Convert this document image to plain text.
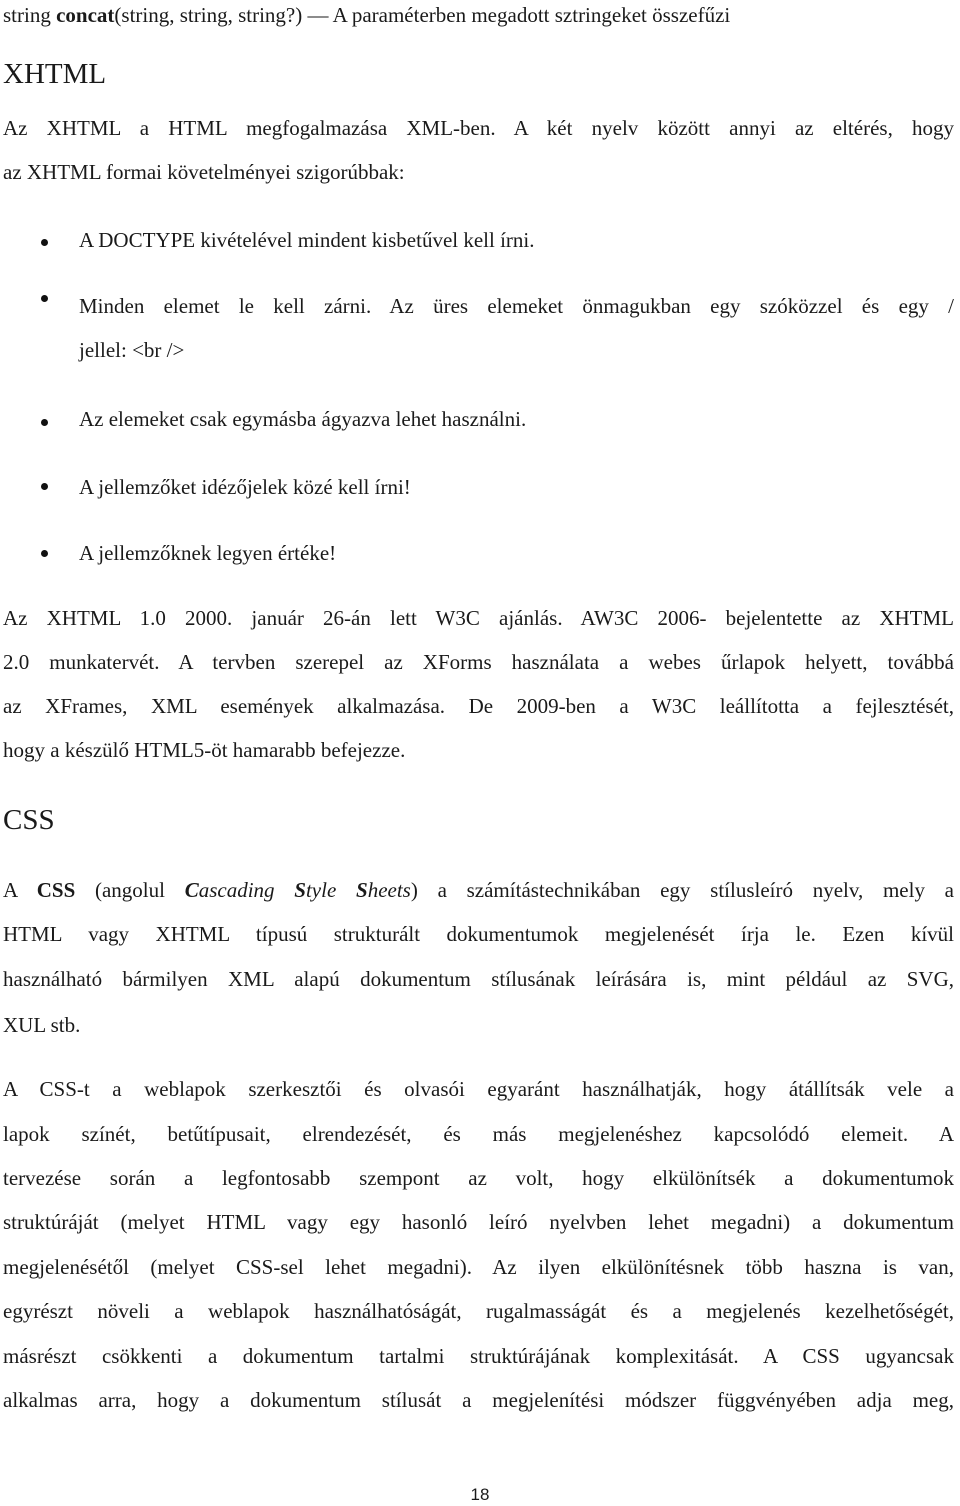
string concat(string, string, string?) ― A paraméterben megadott sztringeket összefűzi
XHTML
Az XHTML a HTML megfogalmazása XML-ben. A két nyelv között annyi az eltérés, hogy
az XHTML formai követelményei szigorúbbak:
A DOCTYPE kivételével mindent kisbetűvel kell írni.
Minden elemet le kell zárni. Az üres elemeket önmagukban egy szóközzel és egy /
jellel: <br />
Az elemeket csak egymásba ágyazva lehet használni.
A jellemzőket idézőjelek közé kell írni!
A jellemzőknek legyen értéke!
Az XHTML 1.0 2000. január 26-án lett W3C ajánlás. AW3C 2006- bejelentette az XHTML
2.0 munkatervét. A tervben szerepel az XForms használata a webes űrlapok helyett, továbbá
az XFrames, XML események alkalmazása. De 2009-ben a W3C leállította a fejlesztését,
hogy a készülő HTML5-öt hamarabb befejezze.
CSS
A CSS (angolul Cascading Style Sheets) a számítástechnikában egy stílusleíró nyelv, mely a
HTML vagy XHTML típusú strukturált dokumentumok megjelenését írja le. Ezen kívül
használható bármilyen XML alapú dokumentum stílusának leírására is, mint például az SVG,
XUL stb.
A CSS-t a weblapok szerkesztői és olvasói egyaránt használhatják, hogy átállítsák vele a
lapok színét, betűtípusait, elrendezését, és más megjelenéshez kapcsolódó elemeit. A
tervezése során a legfontosabb szempont az volt, hogy elkülönítsék a dokumentumok
struktúráját (melyet HTML vagy egy hasonló leíró nyelvben lehet megadni) a dokumentum
megjelenésétől (melyet CSS-sel lehet megadni). Az ilyen elkülönítésnek több haszna is van,
egyrészt növeli a weblapok használhatóságát, rugalmasságát és a megjelenés kezelhetőségét,
másrészt csökkenti a dokumentum tartalmi struktúrájának komplexitását. A CSS ugyancsak
alkalmas arra, hogy a dokumentum stílusát a megjelenítési módszer függvényében adja meg,
18
